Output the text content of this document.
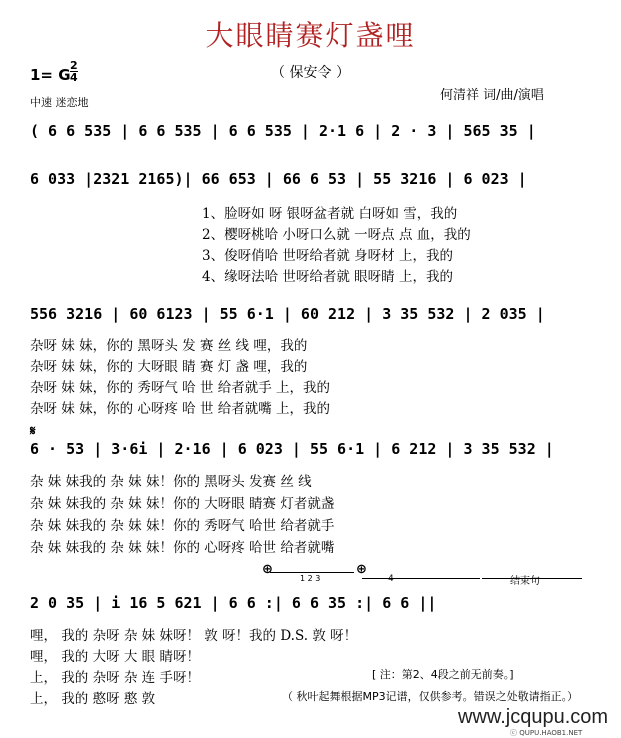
大眼睛赛灯盏哩
（ 保安令 ）
1= G
2
4
中速 迷恋地	何清祥 词/曲/演唱
( 6 6 535 | 6 6 535 | 6 6 535 | 2·1 6 | 2 · 3 | 565 35 |
6 033 |2321 2165)| 66 653 | 66 6 53 | 55 3216 | 6 023 |
1、脸呀如 呀 银呀盆者就 白呀如 雪，我的
2、樱呀桃哈 小呀口么就 一呀点 点 血，我的
3、俊呀俏哈 世呀给者就 身呀材 上，我的
4、缘呀法哈 世呀给者就 眼呀睛 上，我的
556 3216 | 60 6123 | 55 6·1 | 60 212 | 3 35 532 | 2 035 |
杂呀 妹 妹，你的 黑呀头 发 赛 丝 线 哩，我的
杂呀 妹 妹，你的 大呀眼 睛 赛 灯 盏 哩，我的
杂呀 妹 妹，你的 秀呀气 哈 世 给者就手 上，我的
杂呀 妹 妹，你的 心呀疼 哈 世 给者就嘴 上，我的
𝄋
6 · 53 | 3·6i | 2·16 | 6 023 | 55 6·1 | 6 212 | 3 35 532 |
杂 妹 妹我的 杂 妹 妹！你的 黑呀头 发赛 丝 线
杂 妹 妹我的 杂 妹 妹！你的 大呀眼 睛赛 灯者就盏
杂 妹 妹我的 杂 妹 妹！你的 秀呀气 哈世 给者就手
杂 妹 妹我的 杂 妹 妹！你的 心呀疼 哈世 给者就嘴
⊕
1 2 3
⊕
4	结束句
2 0 35 | i 16 5 621 | 6 6 :| 6 6 35 :| 6 6 ||
哩， 我的 杂呀 杂 妹 妹呀！ 敦 呀！我的 D.S. 敦 呀！
哩， 我的 大呀 大 眼 睛呀！
上， 我的 杂呀 杂 连 手呀！
上， 我的 憨呀 憨 敦
[ 注：第2、4段之前无前奏。]
（ 秋叶起舞根据MP3记谱，仅供参考。错误之处敬请指正。）
www.jcqupu.com
ⓒ QUPU.HAOB1.NET
